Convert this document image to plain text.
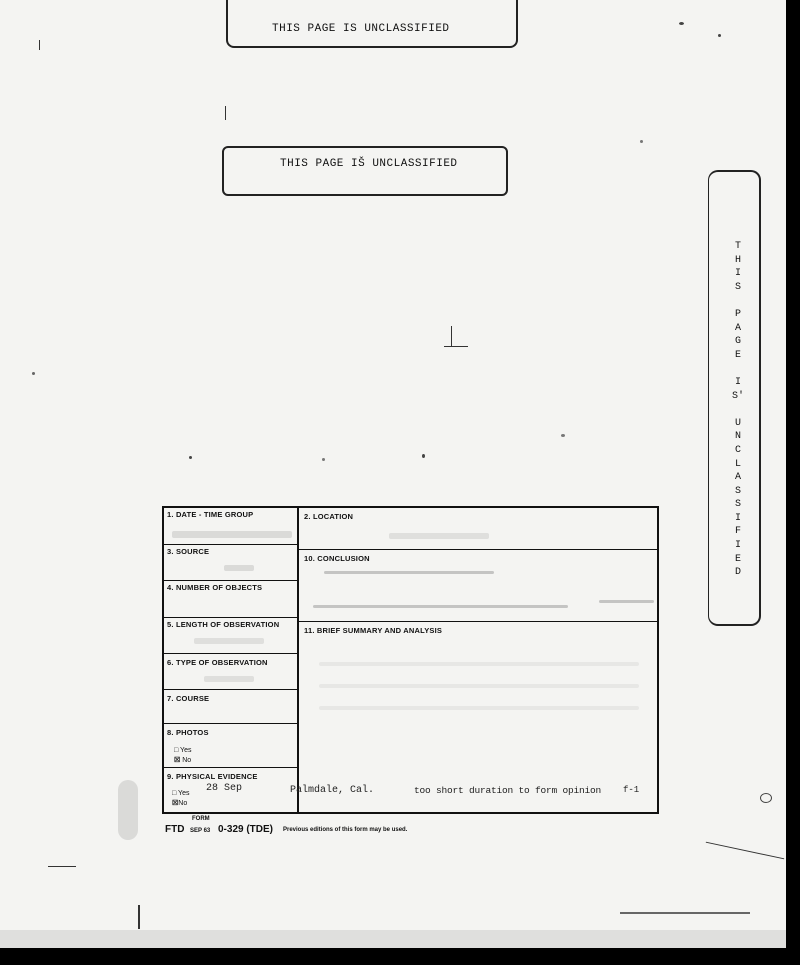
THIS PAGE IS UNCLASSIFIED
THIS PAGE IŠ UNCLASSIFIED
T
H
I
S

P
A
G
E

I
S'

U
N
C
L
A
S
S
I
F
I
E
D
1. DATE - TIME GROUP
3. SOURCE
4. NUMBER OF OBJECTS
5. LENGTH OF OBSERVATION
6. TYPE OF OBSERVATION
7. COURSE
8. PHOTOS
□ Yes
☒ No
9. PHYSICAL EVIDENCE
□ Yes
☒No
2. LOCATION
10. CONCLUSION
11. BRIEF SUMMARY AND ANALYSIS
28 Sep	Palmdale, Cal.	too short duration to form opinion f-1
FORM
FTD SEP 63 0-329 (TDE) Previous editions of this form may be used.
